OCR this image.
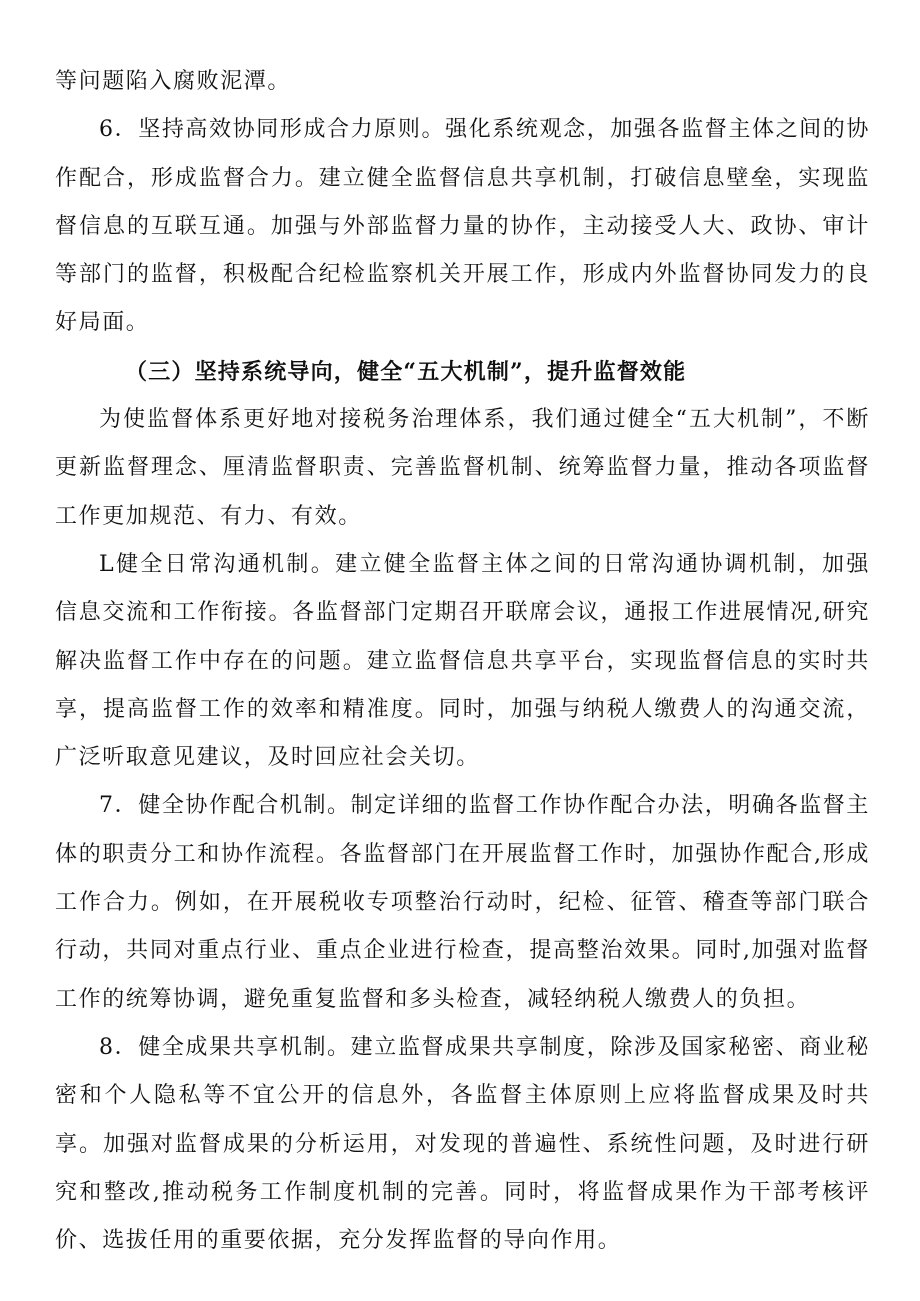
等问题陷入腐败泥潭。

6．坚持高效协同形成合力原则。强化系统观念，加强各监督主体之间的协作配合，形成监督合力。建立健全监督信息共享机制，打破信息壁垒，实现监督信息的互联互通。加强与外部监督力量的协作，主动接受人大、政协、审计等部门的监督，积极配合纪检监察机关开展工作，形成内外监督协同发力的良好局面。

（三）坚持系统导向，健全“五大机制”，提升监督效能

为使监督体系更好地对接税务治理体系，我们通过健全“五大机制”，不断更新监督理念、厘清监督职责、完善监督机制、统筹监督力量，推动各项监督工作更加规范、有力、有效。

L健全日常沟通机制。建立健全监督主体之间的日常沟通协调机制，加强信息交流和工作衔接。各监督部门定期召开联席会议，通报工作进展情况,研究解决监督工作中存在的问题。建立监督信息共享平台，实现监督信息的实时共享，提高监督工作的效率和精准度。同时，加强与纳税人缴费人的沟通交流，广泛听取意见建议，及时回应社会关切。

7．健全协作配合机制。制定详细的监督工作协作配合办法，明确各监督主体的职责分工和协作流程。各监督部门在开展监督工作时，加强协作配合,形成工作合力。例如，在开展税收专项整治行动时，纪检、征管、稽查等部门联合行动，共同对重点行业、重点企业进行检查，提高整治效果。同时,加强对监督工作的统筹协调，避免重复监督和多头检查，减轻纳税人缴费人的负担。

8．健全成果共享机制。建立监督成果共享制度，除涉及国家秘密、商业秘密和个人隐私等不宜公开的信息外，各监督主体原则上应将监督成果及时共享。加强对监督成果的分析运用，对发现的普遍性、系统性问题，及时进行研究和整改,推动税务工作制度机制的完善。同时，将监督成果作为干部考核评价、选拔任用的重要依据，充分发挥监督的导向作用。
